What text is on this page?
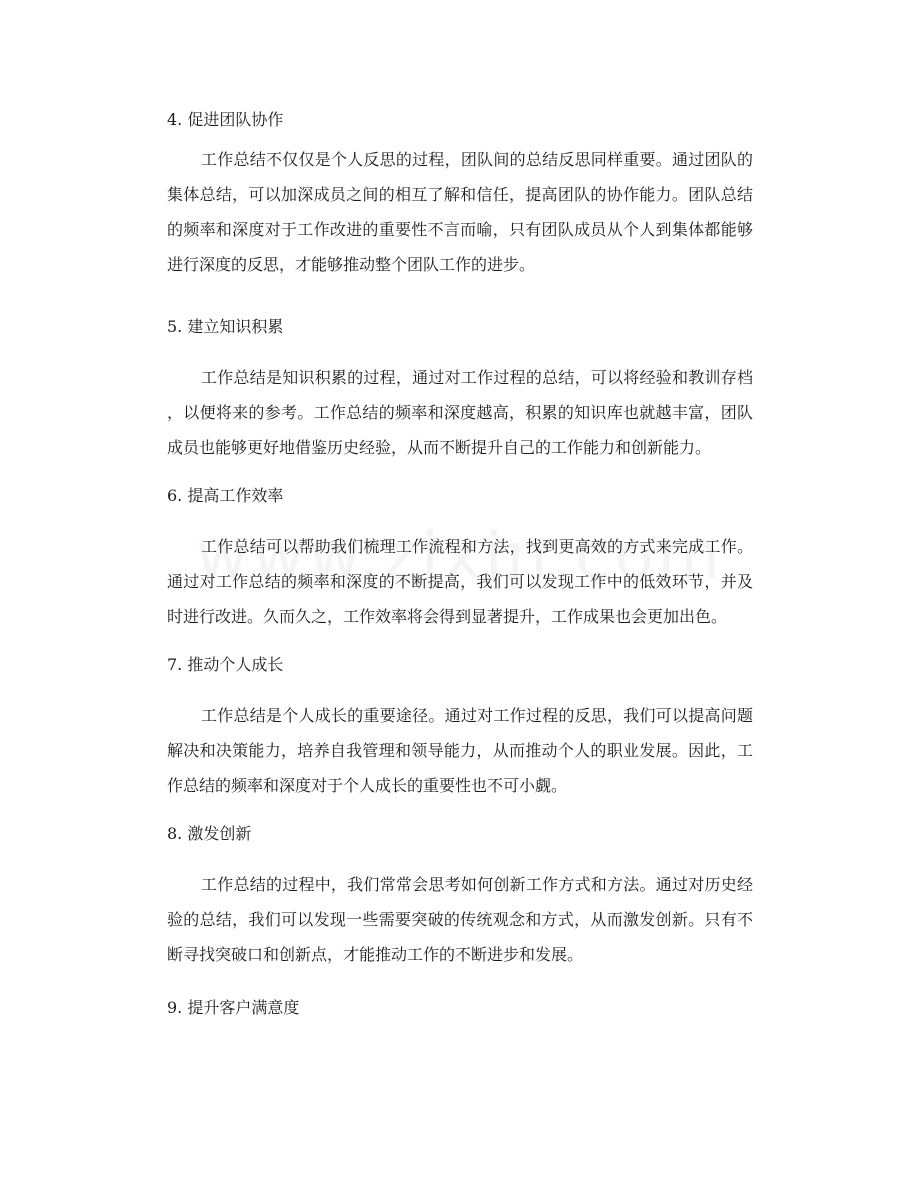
4. 促进团队协作
工作总结不仅仅是个人反思的过程，团队间的总结反思同样重要。通过团队的
集体总结，可以加深成员之间的相互了解和信任，提高团队的协作能力。团队总结
的频率和深度对于工作改进的重要性不言而喻，只有团队成员从个人到集体都能够
进行深度的反思，才能够推动整个团队工作的进步。
5. 建立知识积累
工作总结是知识积累的过程，通过对工作过程的总结，可以将经验和教训存档
，以便将来的参考。工作总结的频率和深度越高，积累的知识库也就越丰富，团队
成员也能够更好地借鉴历史经验，从而不断提升自己的工作能力和创新能力。
6. 提高工作效率
工作总结可以帮助我们梳理工作流程和方法，找到更高效的方式来完成工作。
通过对工作总结的频率和深度的不断提高，我们可以发现工作中的低效环节，并及
时进行改进。久而久之，工作效率将会得到显著提升，工作成果也会更加出色。
7. 推动个人成长
工作总结是个人成长的重要途径。通过对工作过程的反思，我们可以提高问题
解决和决策能力，培养自我管理和领导能力，从而推动个人的职业发展。因此，工
作总结的频率和深度对于个人成长的重要性也不可小觑。
8. 激发创新
工作总结的过程中，我们常常会思考如何创新工作方式和方法。通过对历史经
验的总结，我们可以发现一些需要突破的传统观念和方式，从而激发创新。只有不
断寻找突破口和创新点，才能推动工作的不断进步和发展。
9. 提升客户满意度
